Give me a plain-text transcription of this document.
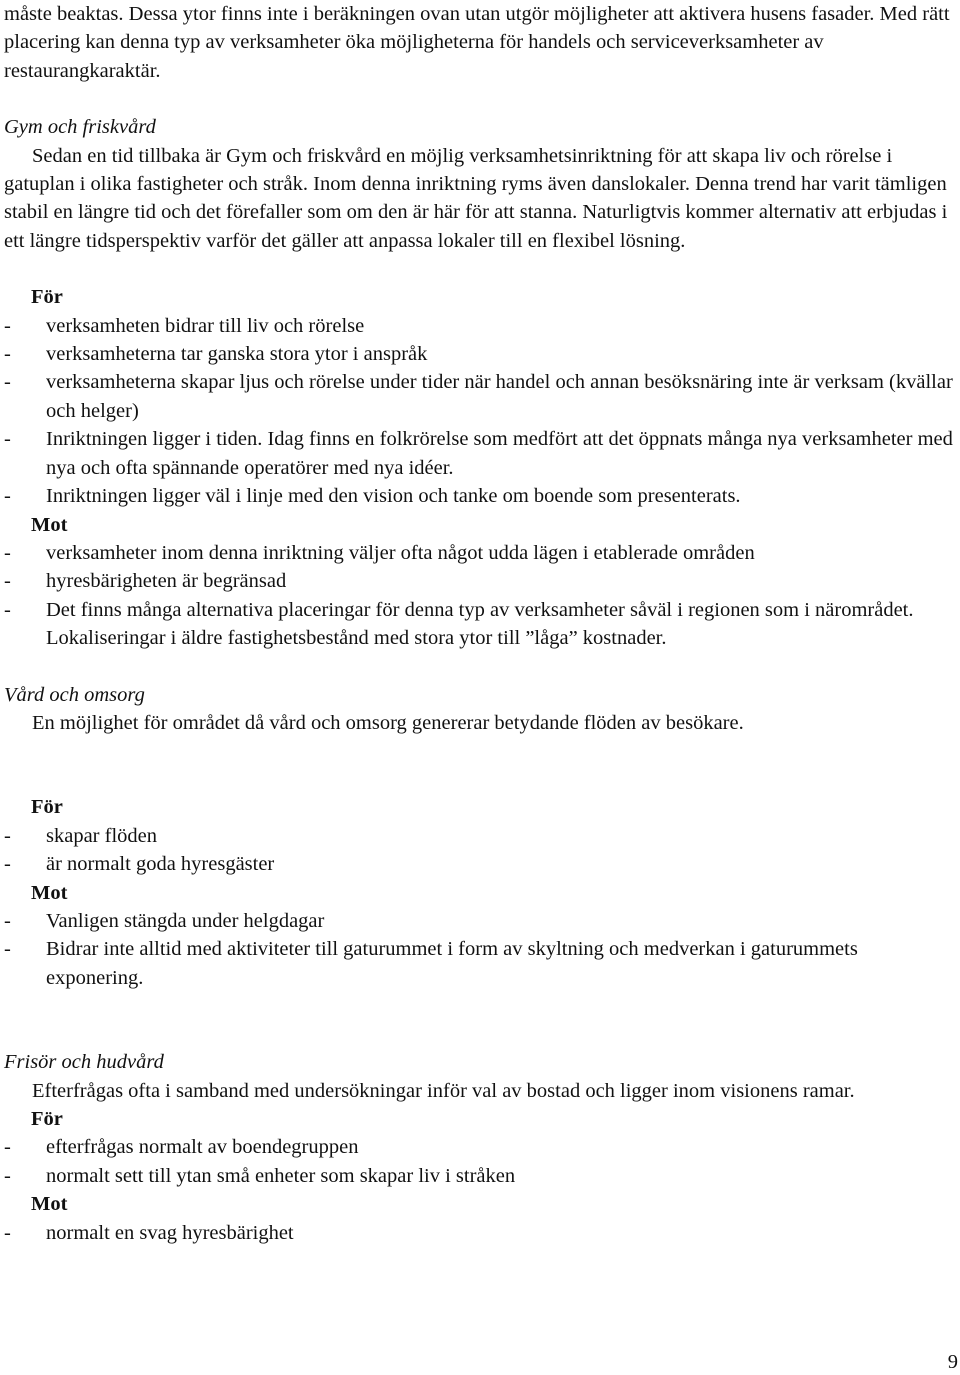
måste beaktas. Dessa ytor finns inte i beräkningen ovan utan utgör möjligheter att aktivera husens fasader. Med rätt placering kan denna typ av verksamheter öka möjligheterna för handels och serviceverksamheter av restaurangkaraktär.

Gym och friskvård

Sedan en tid tillbaka är Gym och friskvård en möjlig verksamhetsinriktning för att skapa liv och rörelse i gatuplan i olika fastigheter och stråk. Inom denna inriktning ryms även danslokaler. Denna trend har varit tämligen stabil en längre tid och det förefaller som om den är här för att stanna. Naturligtvis kommer alternativ att erbjudas i ett längre tidsperspektiv varför det gäller att anpassa lokaler till en flexibel lösning.

För

-	verksamheten bidrar till liv och rörelse
-	verksamheterna tar ganska stora ytor i anspråk
-	verksamheterna skapar ljus och rörelse under tider när handel och annan besöksnäring inte är verksam (kvällar och helger)
-	Inriktningen ligger i tiden. Idag finns en folkrörelse som medfört att det öppnats många nya verksamheter med nya och ofta spännande operatörer med nya idéer.
-	Inriktningen ligger väl i linje med den vision och tanke om boende som presenterats.

Mot

-	verksamheter inom denna inriktning väljer ofta något udda lägen i etablerade områden
-	hyresbärigheten är begränsad
-	Det finns många alternativa placeringar för denna typ av verksamheter såväl i regionen som i närområdet. Lokaliseringar i äldre fastighetsbestånd med stora ytor till ”låga” kostnader.

Vård och omsorg

En möjlighet för området då vård och omsorg genererar betydande flöden av besökare.

För

-	skapar flöden
-	är normalt goda hyresgäster

Mot

-	Vanligen stängda under helgdagar
-	Bidrar inte alltid med aktiviteter till gaturummet i form av skyltning och medverkan i gaturummets exponering.

Frisör och hudvård

Efterfrågas ofta i samband med undersökningar inför val av bostad och ligger inom visionens ramar.

För

-	efterfrågas normalt av boendegruppen
-	normalt sett till ytan små enheter som skapar liv i stråken

Mot

-	normalt en svag hyresbärighet
9
